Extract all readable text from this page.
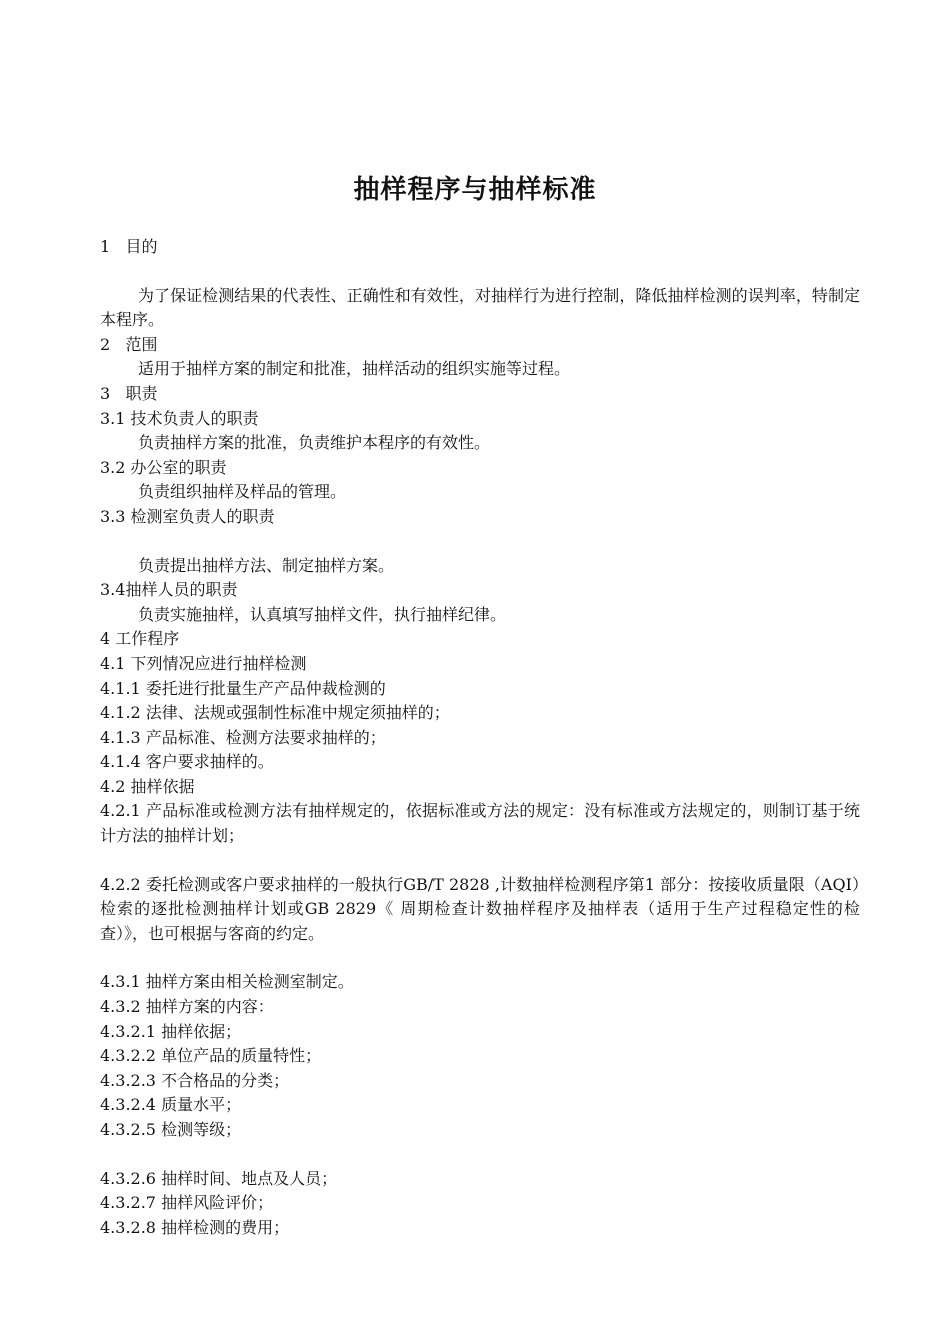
抽样程序与抽样标准
1   目的
为了保证检测结果的代表性、正确性和有效性，对抽样行为进行控制，降低抽样检测的误判率，特制定本程序。
2   范围
适用于抽样方案的制定和批准，抽样活动的组织实施等过程。
3   职责
3.1 技术负责人的职责
负责抽样方案的批准，负责维护本程序的有效性。
3.2 办公室的职责
负责组织抽样及样品的管理。
3.3 检测室负责人的职责
负责提出抽样方法、制定抽样方案。
3.4抽样人员的职责
负责实施抽样，认真填写抽样文件，执行抽样纪律。
4 工作程序
4.1 下列情况应进行抽样检测
4.1.1 委托进行批量生产产品仲裁检测的
4.1.2 法律、法规或强制性标准中规定须抽样的；
4.1.3 产品标准、检测方法要求抽样的；
4.1.4 客户要求抽样的。
4.2 抽样依据
4.2.1 产品标准或检测方法有抽样规定的，依据标准或方法的规定：没有标准或方法规定的，则制订基于统计方法的抽样计划；
4.2.2 委托检测或客户要求抽样的一般执行GB/T 2828 ,计数抽样检测程序第1 部分：按接收质量限（AQI）检索的逐批检测抽样计划或GB 2829《 周期检查计数抽样程序及抽样表（适用于生产过程稳定性的检查）》，也可根据与客商的约定。
4.3.1 抽样方案由相关检测室制定。
4.3.2 抽样方案的内容：
4.3.2.1 抽样依据；
4.3.2.2 单位产品的质量特性；
4.3.2.3 不合格品的分类；
4.3.2.4 质量水平；
4.3.2.5 检测等级；
4.3.2.6 抽样时间、地点及人员；
4.3.2.7 抽样风险评价；
4.3.2.8 抽样检测的费用；
